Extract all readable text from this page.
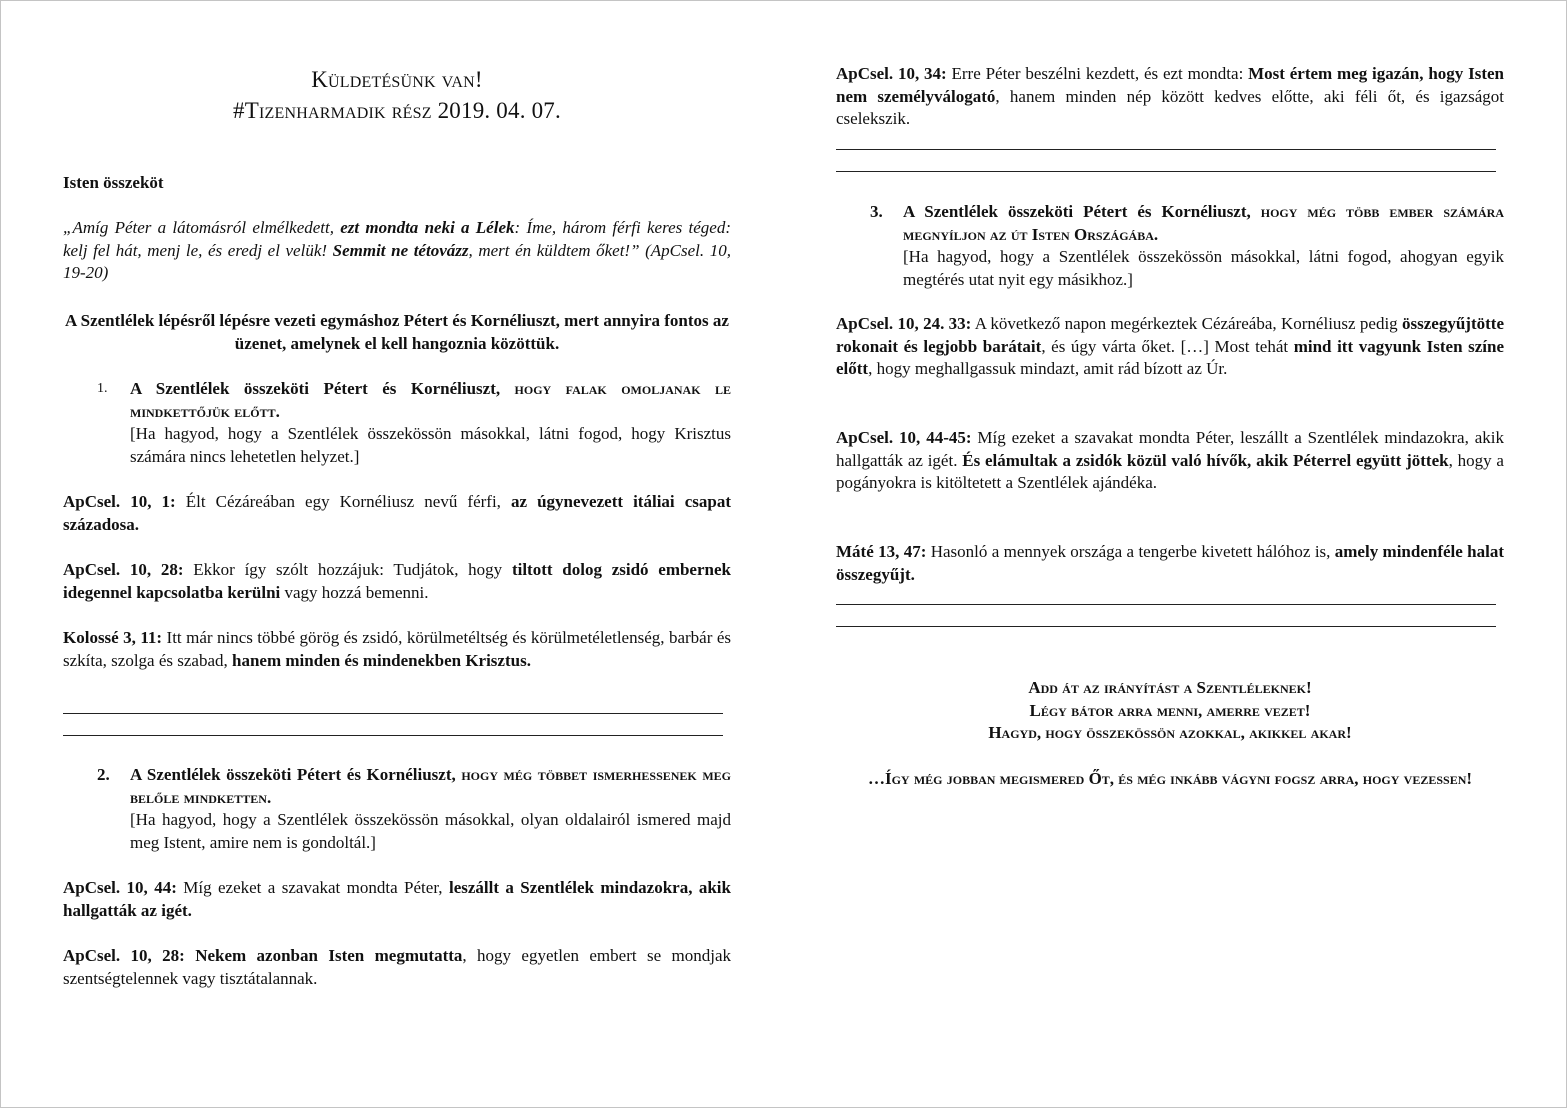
Küldetésünk van!
#Tizenharmadik rész 2019. 04. 07.
Isten összeköt

„Amíg Péter a látomásról elmélkedett, ezt mondta neki a Lélek: Íme, három férfi keres téged: kelj fel hát, menj le, és eredj el velük! Semmit ne tétovázz, mert én küldtem őket!” (ApCsel. 10, 19-20)

A Szentlélek lépésről lépésre vezeti egymáshoz Pétert és Kornéliuszt, mert annyira fontos az üzenet, amelynek el kell hangoznia közöttük.

1. A Szentlélek összeköti Pétert és Kornéliuszt, hogy falak omoljanak le mindkettőjük előtt.
[Ha hagyod, hogy a Szentlélek összekössön másokkal, látni fogod, hogy Krisztus számára nincs lehetetlen helyzet.]

ApCsel. 10, 1: Élt Cézáreában egy Kornéliusz nevű férfi, az úgynevezett itáliai csapat századosa.

ApCsel. 10, 28: Ekkor így szólt hozzájuk: Tudjátok, hogy tiltott dolog zsidó embernek idegennel kapcsolatba kerülni vagy hozzá bemenni.

Kolossé 3, 11: Itt már nincs többé görög és zsidó, körülmetéltség és körülmetéletlenség, barbár és szkíta, szolga és szabad, hanem minden és mindenekben Krisztus.

2. A Szentlélek összeköti Pétert és Kornéliuszt, hogy még többet ismerhessenek meg belőle mindketten.
[Ha hagyod, hogy a Szentlélek összekössön másokkal, olyan oldalairól ismered majd meg Istent, amire nem is gondoltál.]

ApCsel. 10, 44: Míg ezeket a szavakat mondta Péter, leszállt a Szentlélek mindazokra, akik hallgatták az igét.

ApCsel. 10, 28: Nekem azonban Isten megmutatta, hogy egyetlen embert se mondjak szentségtelennek vagy tisztátalannak.

ApCsel. 10, 34: Erre Péter beszélni kezdett, és ezt mondta: Most értem meg igazán, hogy Isten nem személyválogató, hanem minden nép között kedves előtte, aki féli őt, és igazságot cselekszik.

3. A Szentlélek összeköti Pétert és Kornéliuszt, hogy még több ember számára megnyíljon az út Isten Országába.
[Ha hagyod, hogy a Szentlélek összekössön másokkal, látni fogod, ahogyan egyik megtérés utat nyit egy másikhoz.]

ApCsel. 10, 24. 33: A következő napon megérkeztek Cézáreába, Kornéliusz pedig összegyűjtötte rokonait és legjobb barátait, és úgy várta őket. […] Most tehát mind itt vagyunk Isten színe előtt, hogy meghallgassuk mindazt, amit rád bízott az Úr.

ApCsel. 10, 44-45: Míg ezeket a szavakat mondta Péter, leszállt a Szentlélek mindazokra, akik hallgatták az igét. És elámultak a zsidók közül való hívők, akik Péterrel együtt jöttek, hogy a pogányokra is kitöltetett a Szentlélek ajándéka.

Máté 13, 47: Hasonló a mennyek országa a tengerbe kivetett hálóhoz is, amely mindenféle halat összegyűjt.

Add át az irányítást a Szentléleknek!
Légy bátor arra menni, amerre vezet!
Hagyd, hogy összekössön azokkal, akikkel akar!
…Így még jobban megismered Őt, és még inkább vágyni fogsz arra, hogy vezessen!
